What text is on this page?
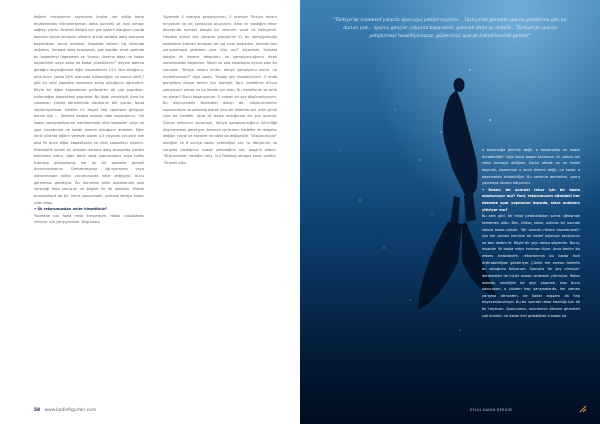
değerli hocalarımız sayesinde bunlar net edilip baraj diyalemeden elliminimleman daha kuvvetli ve hızlı olmayı sağlayı yordu. Serbest dalışta için çok şeyerli olduğunu yarda aporum içinde olmasını almamı ancak serbest dalış branşına başladıktan sonra anladım. Kapasite telimin hiç farkında değilsim. Serbest dalış branşında, çok basitbr sürat gerinde bu kapasiteyi ürgenmek ve "bunun üzerine daha ne kadar koyabilirim veya daha ne kadar yüzebilirim?" deyme bakma gereğini duyduğumda diğer kapasitemin 13,5 litre olduğunu, ama bunu yarda 28'ti oranında kullandığımı ve bunun delil,7 gibi bir vital kapasite rakamına sahip olduğumu öğrendim. Böyle bir diğer kapasiteme profesörler de çok şaşırdılar; kullandığım kapasitemi şaşırdılar. Bu Allah vergisiydi. Ama bu rakamları yüzme dönemimde hocalarım bilt ıyordu; bana söylemiyorlardı. Dediler ki! Hayat hep spontane gelişiyor benim için ... Serbest dalışta aslında vital kapasitenin, "ne kadar zorlayabiliyorum nemlenmede vital kapasite" olayı ve spor hayatımda ne kadar önemli olduğunu anladım. Eğer ilerki yıllarda eğitim veresek olsam 4-5 yaşında çocuklar bile olsa ilk önce diğer kapasitesini ve vital kapasiteyi ölçerim. Sistematik olarak en azından serbest dalış branşında neelen bakılması bakın, eğer derin dalış yapıyorsanız veya nefes tutmaya gidiyorsanız her ay bir sistemle girmeli durumundasınız. Deformasyona uğruyorsanız veya zorlanmadan dolayı vücudunuzda neler değişiyor, bunu görmemiz gerekiyor. Bu durumda bilim adamlarının size vereceği tıbbi sonuçlar ve bilgiler ile de dalabilir. Yüzme branşındayit da bir, kerre yapıyorsaki, yıldızda kereye kadar yılan bilaz.

• İlk rekorunuzdan neler hissettiniz?

Yüzmede çok fazla rekor kırıyordum. Hatta uluslararası rekorlar için yarışıyordum. Düşüncesi

Yüzmede 5 branşta şampiyonum, 5 branşta Türkiye rekoru kırıyorum ya da şampiyon oluyorum. Ama ilk yaptığım rekor öncesinde serbest dalışta bir rekorum vardı ve kalkışımdı. Hayatta birinci kez yarışma yapıyorum ki, bir şampiyonluğu kaybetme ihtimali olmayan bir işe nasıl başladım. Aslında ben yarışmamaya giderken yine 'olur mu?' diyordum. Serbest dalışta ilk derece rekorumu ve şampiyonluğumu direk zorlanmadan başardım. Takım ve oda arkadaşım ayrıca olan bu sorunda: "Dünya rekoru kırdın, dünya şampiyonu oldun, ne hissediyorsun?" diye sordu. "Boşbir şey hissediyorum. O anda gerçekten dünya benim için bitmişti. Yani, hedefimiz dünya şampiyonu olmak ve bu benim için oldu. Bu hedeflerim ve artık ne olmalı? Bunu başarıyorum. O andaki bir şey düşünmüyorum. Bu düşüncedeki ilkelerden dolayı de, düşüncemlerim sayesindeyiz ve psikolog olarak yeni bir hedefim var, artık şimdi yine bir hedefin. Ama ilk başta olduğunda bir şey lazımdı. Dünya rekorunu korumam, dünya şampiyonluğunu ikinciliğe düşürmemek gerekiyor. Amacım da budur: hedefler ile dalgalar değişir, hayal ve hayaller ve daha da değişebilir. "Düşüncesiyle" dediğim ve 6 seviye kadar yeteneğim var. İyi dalıyorum ve yarışma yaptığımız sırada yeteneğimi var, başarılı oldum. "Düşünceslle" dediğim olay, bul Psikolog olmaya karar verdim. "Önemli olan

"Türkiye'de maalesef yıllarda sporcuyu yetiştirmiyorlar... Türkiye'de genelde sporcu yetiştirme gibi bir durum yok... sporcu gençler çalışırsa başarabilir, gelecek daha iyi olabilir... Türkiye'de sporcu yetiştirmeyi hedefliyorsanız, gözlerimizi açarak bakabilmemiz gerekli"

o basamağa gelmek değil, o basamakta ne kadar durabildiğin" diye bana başarı tanımına, ilk zaman bir rekor kırmaya aldığımı. Kadın olmak ve ne hedef koymak, kazanmak o denli önemli değil, ne kadar o basamakta kalabildiğin. Bu nedenle benimkisi, sporu yapmaya devam ediyorum.

• Rekor; bir sonraki rekor için bir basla oluşturuyor mu? Yani, rekorunuzun altındaki her deneme spor yapmanın dışında, sizce anlamını yitiriyor mu?

Bu amlı gibi, bir rekor pedaladıktan sonra uğraşmak tamamen oldu. Ben, birkaç rekor, aslında bir sonraki rekora basla olmak. "Bir sonraki rekora hazırlanmak" için her zaman kendine bir hedef koymayı seviyorum ve ben dedim ki: Böyle bir şeyi dalışa söyledim. Bunu, insanlar ilk başta rekor kırılmaz diyor. Ama benim bu rekoru kırabilmem, rekorlarımın bu kadar hızlı arttırabildiğimi gösteriyor. Çünkü her zaman hedefin bu olduğunu biliyorum. Sonuçta 'bir şey olmuyor' denemeleri de hiçbir zaman anlamını yitirmiyor. Rekor aslında, sevdiğim bir şeyi yapmak, hep bunu savundum, o yüzden hep yarışmalarda, her zaman yarışma atmosferi, ne kadar alışsam da hep heyecanlandırıyor. Bu bir sonraki rekor hazırlığı için de bir heyecan. Sporcuların, sınırlarının ötesine gitmeleri çok önemli; ne kadar ileri gidebilirse o kadar iyi.

58 www.kadinfigurleri.com	EYLÜL KADIN DERGİSİ
